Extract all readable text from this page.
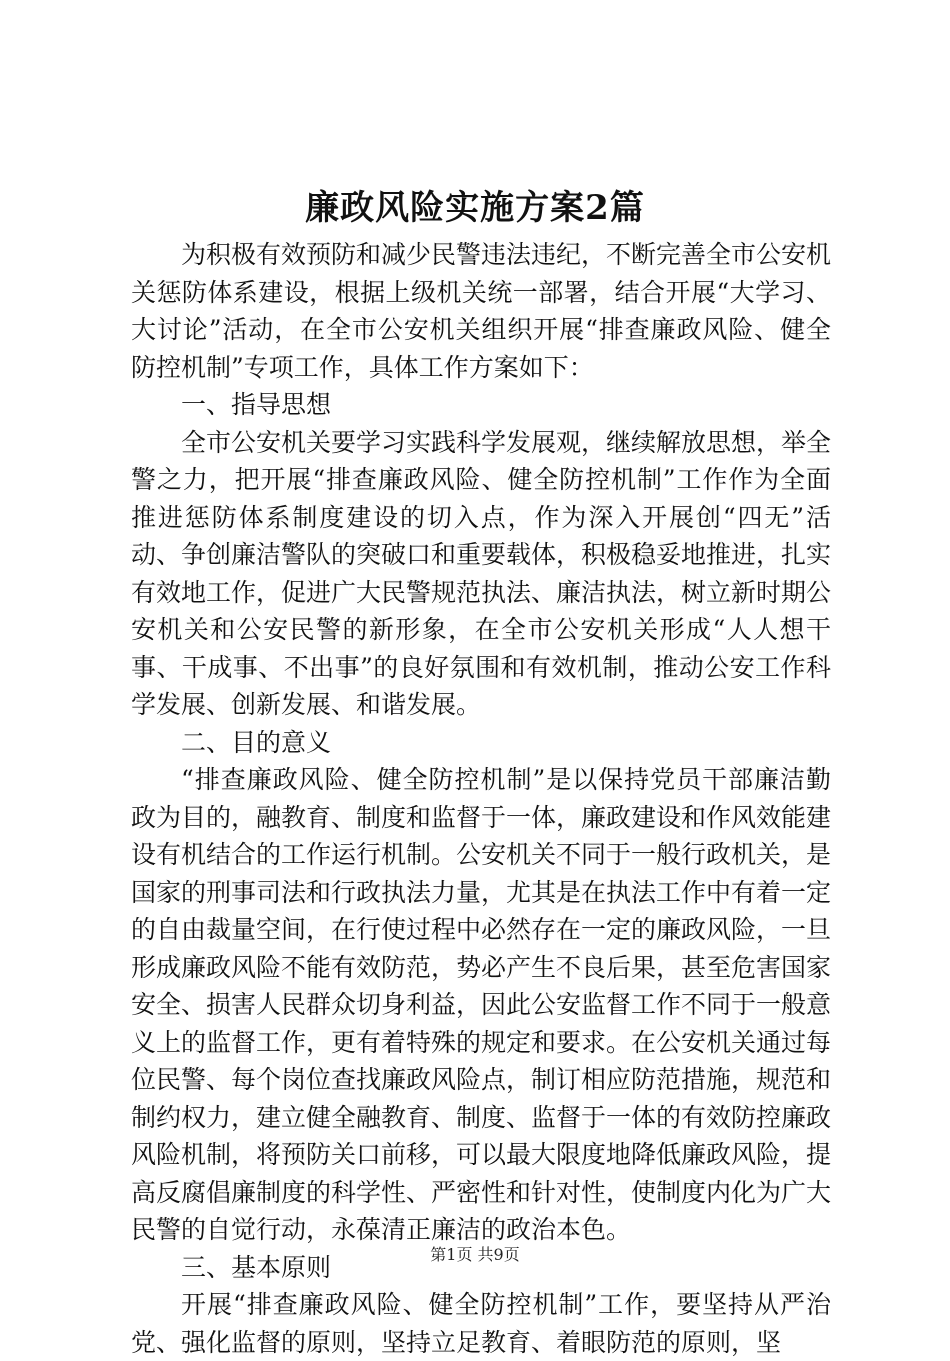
廉政风险实施方案2篇

为积极有效预防和减少民警违法违纪，不断完善全市公安机关惩防体系建设，根据上级机关统一部署，结合开展“大学习、大讨论”活动，在全市公安机关组织开展“排查廉政风险、健全防控机制”专项工作，具体工作方案如下：

一、指导思想

全市公安机关要学习实践科学发展观，继续解放思想，举全警之力，把开展“排查廉政风险、健全防控机制”工作作为全面推进惩防体系制度建设的切入点，作为深入开展创“四无”活动、争创廉洁警队的突破口和重要载体，积极稳妥地推进，扎实有效地工作，促进广大民警规范执法、廉洁执法，树立新时期公安机关和公安民警的新形象，在全市公安机关形成“人人想干事、干成事、不出事”的良好氛围和有效机制，推动公安工作科学发展、创新发展、和谐发展。

二、目的意义

“排查廉政风险、健全防控机制”是以保持党员干部廉洁勤政为目的，融教育、制度和监督于一体，廉政建设和作风效能建设有机结合的工作运行机制。公安机关不同于一般行政机关，是国家的刑事司法和行政执法力量，尤其是在执法工作中有着一定的自由裁量空间，在行使过程中必然存在一定的廉政风险，一旦形成廉政风险不能有效防范，势必产生不良后果，甚至危害国家安全、损害人民群众切身利益，因此公安监督工作不同于一般意义上的监督工作，更有着特殊的规定和要求。在公安机关通过每位民警、每个岗位查找廉政风险点，制订相应防范措施，规范和制约权力，建立健全融教育、制度、监督于一体的有效防控廉政风险机制，将预防关口前移，可以最大限度地降低廉政风险，提高反腐倡廉制度的科学性、严密性和针对性，使制度内化为广大民警的自觉行动，永葆清正廉洁的政治本色。

三、基本原则

开展“排查廉政风险、健全防控机制”工作，要坚持从严治党、强化监督的原则，坚持立足教育、着眼防范的原则，坚

第1页 共9页
